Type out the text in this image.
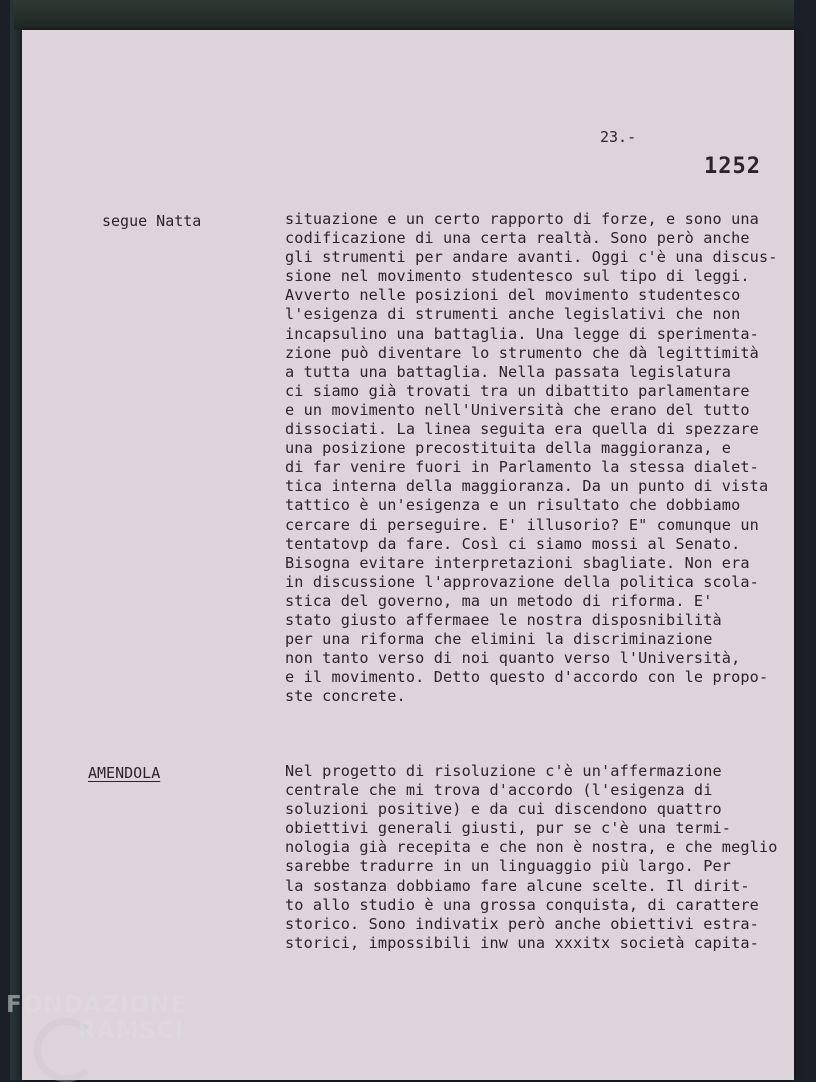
23.-
1252
segue Natta	situazione e un certo rapporto di forze, e sono una
codificazione di una certa realtà. Sono però anche
gli strumenti per andare avanti. Oggi c'è una discus-
sione nel movimento studentesco sul tipo di leggi.
Avverto nelle posizioni del movimento studentesco
l'esigenza di strumenti anche legislativi che non
incapsulino una battaglia. Una legge di sperimenta-
zione può diventare lo strumento che dà legittimità
a tutta una battaglia. Nella passata legislatura
ci siamo già trovati tra un dibattito parlamentare
e un movimento nell'Università che erano del tutto
dissociati. La linea seguita era quella di spezzare
una posizione precostituita della maggioranza, e
di far venire fuori in Parlamento la stessa dialet-
tica interna della maggioranza. Da un punto di vista
tattico è un'esigenza e un risultato che dobbiamo
cercare di perseguire. E' illusorio? E" comunque un
tentatovp da fare. Così ci siamo mossi al Senato.
Bisogna evitare interpretazioni sbagliate. Non era
in discussione l'approvazione della politica scola-
stica del governo, ma un metodo di riforma. E'
stato giusto affermaee le nostra disposnibilità
per una riforma che elimini la discriminazione
non tanto verso di noi quanto verso l'Università,
e il movimento. Detto questo d'accordo con le propo-
ste concrete.
AMENDOLA	Nel progetto di risoluzione c'è un'affermazione
centrale che mi trova d'accordo (l'esigenza di
soluzioni positive) e da cui discendono quattro
obiettivi generali giusti, pur se c'è una termi-
nologia già recepita e che non è nostra, e che meglio
sarebbe tradurre in un linguaggio più largo. Per
la sostanza dobbiamo fare alcune scelte. Il dirit-
to allo studio è una grossa conquista, di carattere
storico. Sono indivatix però anche obiettivi estra-
storici, impossibili inw una xxxitx società capita-
FONDAZIONE
RAMSCI onlus
